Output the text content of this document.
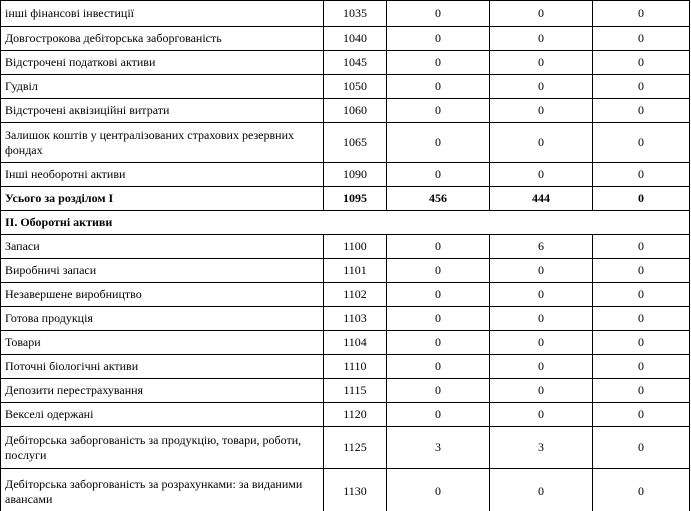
інші фінансові інвестиції	1035	0	0	0
Довгострокова дебіторська заборгованість	1040	0	0	0
Відстрочені податкові активи	1045	0	0	0
Гудвіл	1050	0	0	0
Відстрочені аквізиційні витрати	1060	0	0	0
Залишок коштів у централізованих страхових резервних фондах	1065	0	0	0
Інші необоротні активи	1090	0	0	0
Усього за розділом І	1095	456	444	0
II. Оборотні активи				
Запаси	1100	0	6	0
Виробничі запаси	1101	0	0	0
Незавершене виробництво	1102	0	0	0
Готова продукція	1103	0	0	0
Товари	1104	0	0	0
Поточні біологічні активи	1110	0	0	0
Депозити перестрахування	1115	0	0	0
Векселі одержані	1120	0	0	0
Дебіторська заборгованість за продукцію, товари, роботи, послуги	1125	3	3	0
Дебіторська заборгованість за розрахунками: за виданими авансами	1130	0	0	0
